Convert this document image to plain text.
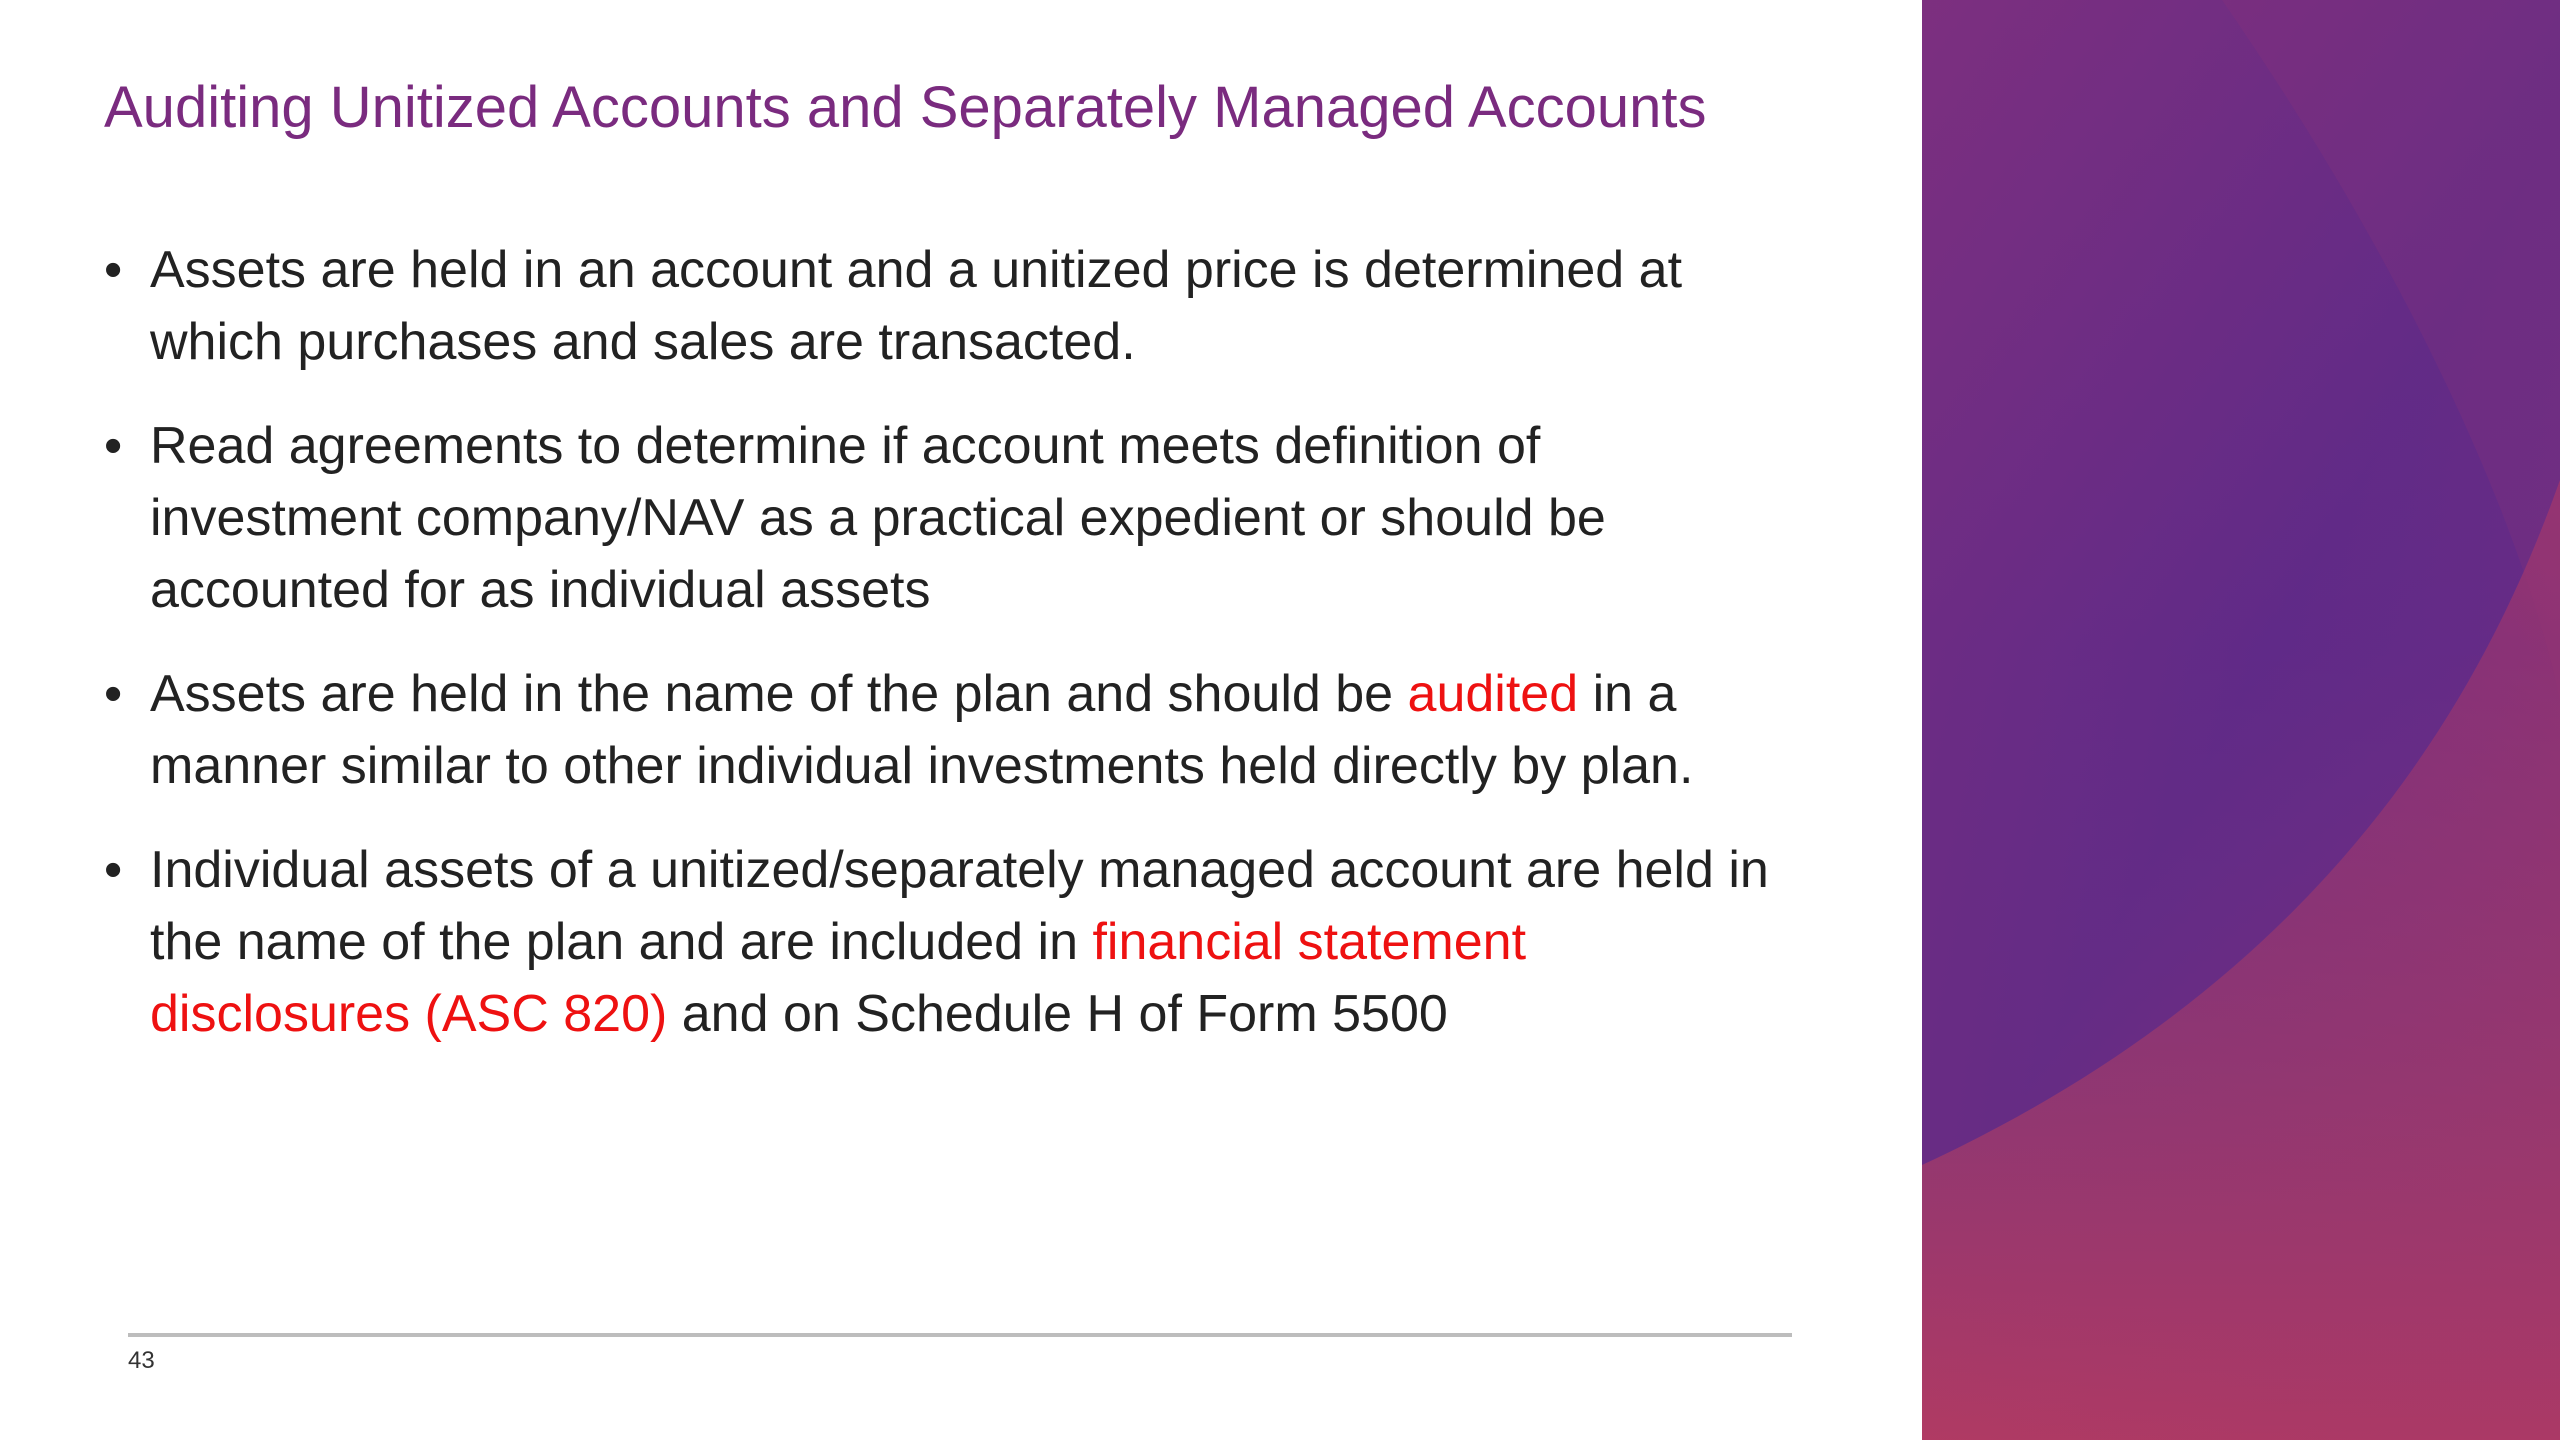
Auditing Unitized Accounts and Separately Managed Accounts
• Assets are held in an account and a unitized price is determined at which purchases and sales are transacted.
• Read agreements to determine if account meets definition of investment company/NAV as a practical expedient or should be accounted for as individual assets
• Assets are held in the name of the plan and should be audited in a manner similar to other individual investments held directly by plan.
• Individual assets of a unitized/separately managed account are held in the name of the plan and are included in financial statement disclosures (ASC 820) and on Schedule H of Form 5500
43
